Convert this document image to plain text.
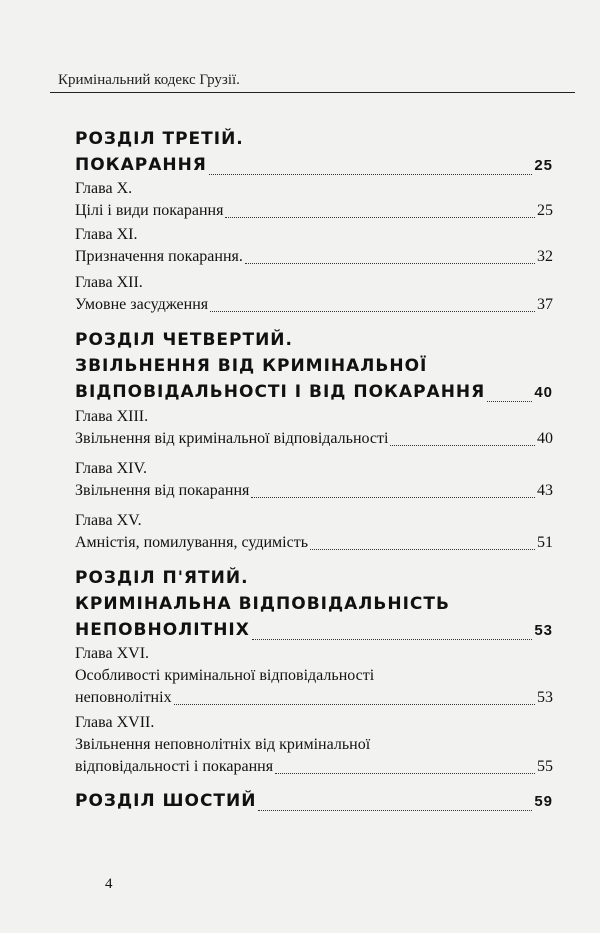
Кримінальний кодекс Грузії.
РОЗДІЛ ТРЕТІЙ.
ПОКАРАННЯ	25
Глава X.
Цілі і види покарання	25
Глава XI.
Призначення покарання.	32
Глава XII.
Умовне засудження	37
РОЗДІЛ ЧЕТВЕРТИЙ.
ЗВІЛЬНЕННЯ ВІД КРИМІНАЛЬНОЇ
ВІДПОВІДАЛЬНОСТІ І ВІД ПОКАРАННЯ	40
Глава XIII.
Звільнення від кримінальної відповідальності	40
Глава XIV.
Звільнення від покарання	43
Глава XV.
Амністія, помилування, судимість	51
РОЗДІЛ П'ЯТИЙ.
КРИМІНАЛЬНА ВІДПОВІДАЛЬНІСТЬ
НЕПОВНОЛІТНІХ	53
Глава XVI.
Особливості кримінальної відповідальності
неповнолітніх	53
Глава XVII.
Звільнення неповнолітніх від кримінальної
відповідальності і покарання	55
РОЗДІЛ ШОСТИЙ	59
4
